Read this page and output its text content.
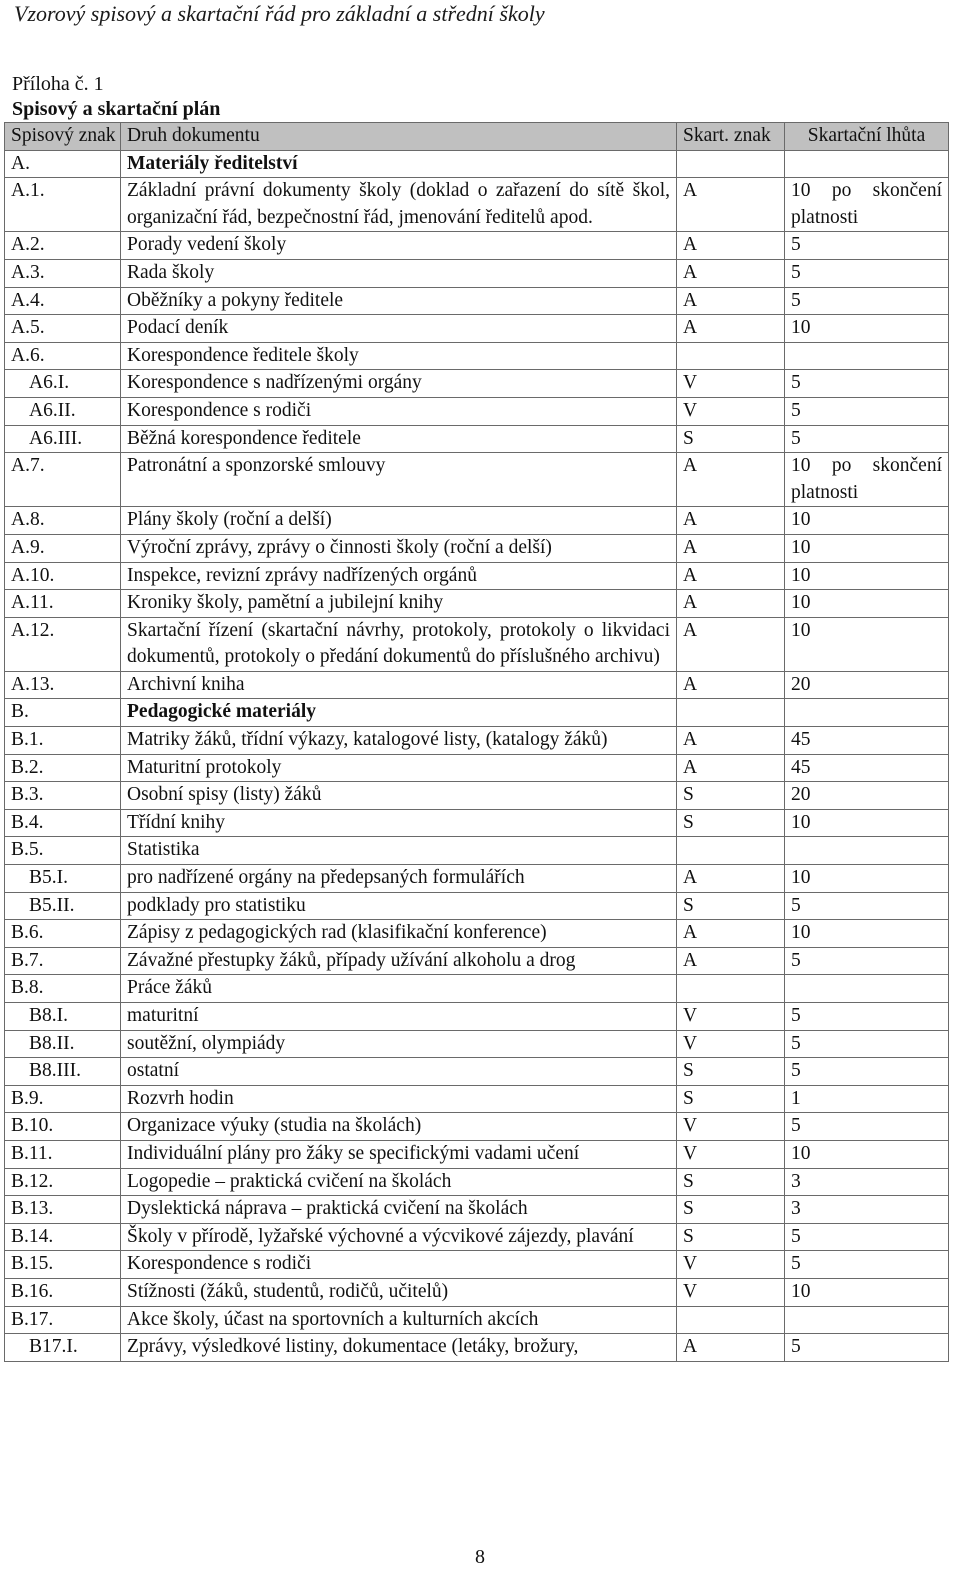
Vzorový spisový a skartační řád pro základní a střední školy
Příloha č. 1
Spisový a skartační plán
Spisový znak	Druh dokumentu	Skart. znak	Skartační lhůta
A.	Materiály ředitelství		
A.1.	Základní právní dokumenty školy (doklad o zařazení do sítě škol, organizační řád, bezpečnostní řád, jmenování ředitelů apod.	A	10 po skončení platnosti
A.2.	Porady vedení školy	A	5
A.3.	Rada školy	A	5
A.4.	Oběžníky a pokyny ředitele	A	5
A.5.	Podací deník	A	10
A.6.	Korespondence ředitele školy		
A6.I.	Korespondence s nadřízenými orgány	V	5
A6.II.	Korespondence s rodiči	V	5
A6.III.	Běžná korespondence ředitele	S	5
A.7.	Patronátní a sponzorské smlouvy	A	10 po skončení platnosti
A.8.	Plány školy (roční a delší)	A	10
A.9.	Výroční zprávy, zprávy o činnosti školy (roční a delší)	A	10
A.10.	Inspekce, revizní zprávy nadřízených orgánů	A	10
A.11.	Kroniky školy, pamětní a jubilejní knihy	A	10
A.12.	Skartační řízení (skartační návrhy, protokoly, protokoly o likvidaci dokumentů, protokoly o předání dokumentů do příslušného archivu)	A	10
A.13.	Archivní kniha	A	20
B.	Pedagogické materiály		
B.1.	Matriky žáků, třídní výkazy, katalogové listy, (katalogy žáků)	A	45
B.2.	Maturitní protokoly	A	45
B.3.	Osobní spisy (listy) žáků	S	20
B.4.	Třídní knihy	S	10
B.5.	Statistika		
B5.I.	pro nadřízené orgány na předepsaných formulářích	A	10
B5.II.	podklady pro statistiku	S	5
B.6.	Zápisy z pedagogických rad (klasifikační konference)	A	10
B.7.	Závažné přestupky žáků, případy užívání alkoholu a drog	A	5
B.8.	Práce žáků		
B8.I.	maturitní	V	5
B8.II.	soutěžní, olympiády	V	5
B8.III.	ostatní	S	5
B.9.	Rozvrh hodin	S	1
B.10.	Organizace výuky (studia na školách)	V	5
B.11.	Individuální plány pro žáky se specifickými vadami učení	V	10
B.12.	Logopedie – praktická cvičení na školách	S	3
B.13.	Dyslektická náprava – praktická cvičení na školách	S	3
B.14.	Školy v přírodě, lyžařské výchovné a výcvikové zájezdy, plavání	S	5
B.15.	Korespondence s rodiči	V	5
B.16.	Stížnosti (žáků, studentů, rodičů, učitelů)	V	10
B.17.	Akce školy, účast na sportovních a kulturních akcích		
B17.I.	Zprávy, výsledkové listiny, dokumentace (letáky, brožury,	A	5
8
